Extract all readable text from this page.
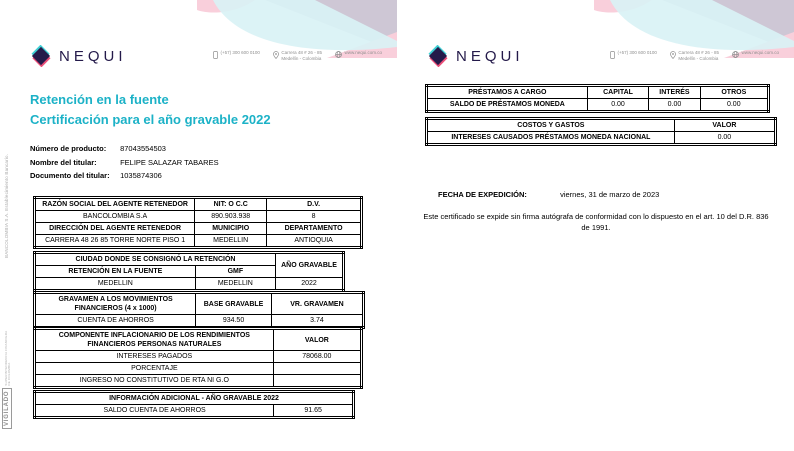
NEQUI	(+57) 300 600 0100	Carrera 48 # 26 - 85
Medellín - Colombia
www.nequi.com.co
Retención en la fuente
Certificación para el año gravable 2022
Número de producto: 87043554503
Nombre del titular:	FELIPE SALAZAR TABARES
Documento del titular: 1035874306
RAZÓN SOCIAL DEL AGENTE RETENEDOR	NIT: O C.C	D.V.
BANCOLOMBIA S.A	890.903.938	8
DIRECCIÓN DEL AGENTE RETENEDOR	MUNICIPIO	DEPARTAMENTO
CARRERA 48 26 85 TORRE NORTE PISO 1	MEDELLIN	ANTIOQUIA
CIUDAD DONDE SE CONSIGNÓ LA RETENCIÓN		AÑO GRAVABLE
RETENCIÓN EN LA FUENTE	GMF	
MEDELLIN	MEDELLIN	2022
GRAVAMEN A LOS MOVIMIENTOS FINANCIEROS (4 x 1000)	BASE GRAVABLE	VR. GRAVAMEN
CUENTA DE AHORROS	934.50	3.74
COMPONENTE INFLACIONARIO DE LOS RENDIMIENTOS FINANCIEROS PERSONAS NATURALES	VALOR
INTERESES PAGADOS	78068.00
PORCENTAJE	
INGRESO NO CONSTITUTIVO DE RTA NI G.O	
INFORMACIÓN ADICIONAL - AÑO GRAVABLE 2022
SALDO CUENTA DE AHORROS	91.65
BANCOLOMBIA S.A. Establecimiento Bancario.
VIGILADO
SUPERINTENDENCIA FINANCIERA
DE COLOMBIA
NEQUI	(+57) 300 600 0100	Carrera 48 # 26 - 85
Medellín - Colombia
www.nequi.com.co
PRÉSTAMOS A CARGO	CAPITAL	INTERÉS	OTROS
SALDO DE PRÉSTAMOS MONEDA	0.00	0.00	0.00
COSTOS Y GASTOS	VALOR
INTERESES CAUSADOS PRÉSTAMOS MONEDA NACIONAL	0.00
FECHA DE EXPEDICIÓN:	viernes, 31 de marzo de 2023
Este certificado se expide sin firma autógrafa de conformidad con lo dispuesto en el art. 10 del D.R. 836 de 1991.
